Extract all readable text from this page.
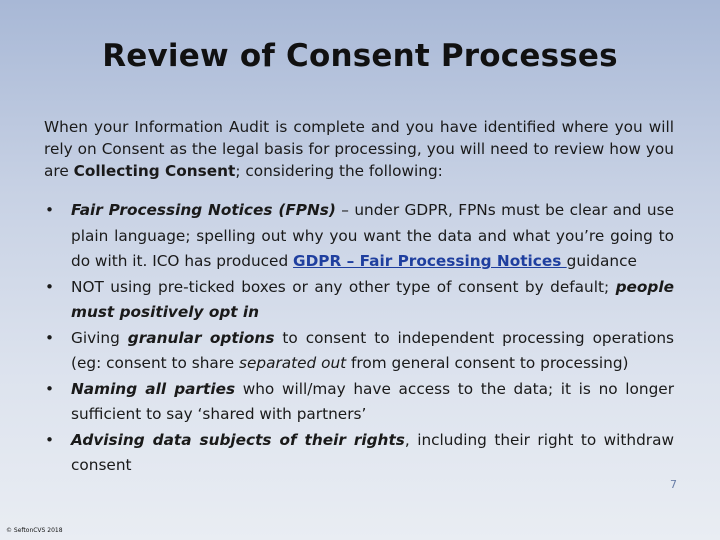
Review of Consent Processes
When your Information Audit is complete and you have identified where you will rely on Consent as the legal basis for processing, you will need to review how you are Collecting Consent; considering the following:
• Fair Processing Notices (FPNs) – under GDPR, FPNs must be clear and use plain language; spelling out why you want the data and what you’re going to do with it. ICO has produced GDPR – Fair Processing Notices guidance
• NOT using pre-ticked boxes or any other type of consent by default; people must positively opt in
• Giving granular options to consent to independent processing operations (eg: consent to share separated out from general consent to processing)
• Naming all parties who will/may have access to the data; it is no longer sufficient to say ‘shared with partners’
• Advising data subjects of their rights, including their right to withdraw consent
7
© SeftonCVS 2018
